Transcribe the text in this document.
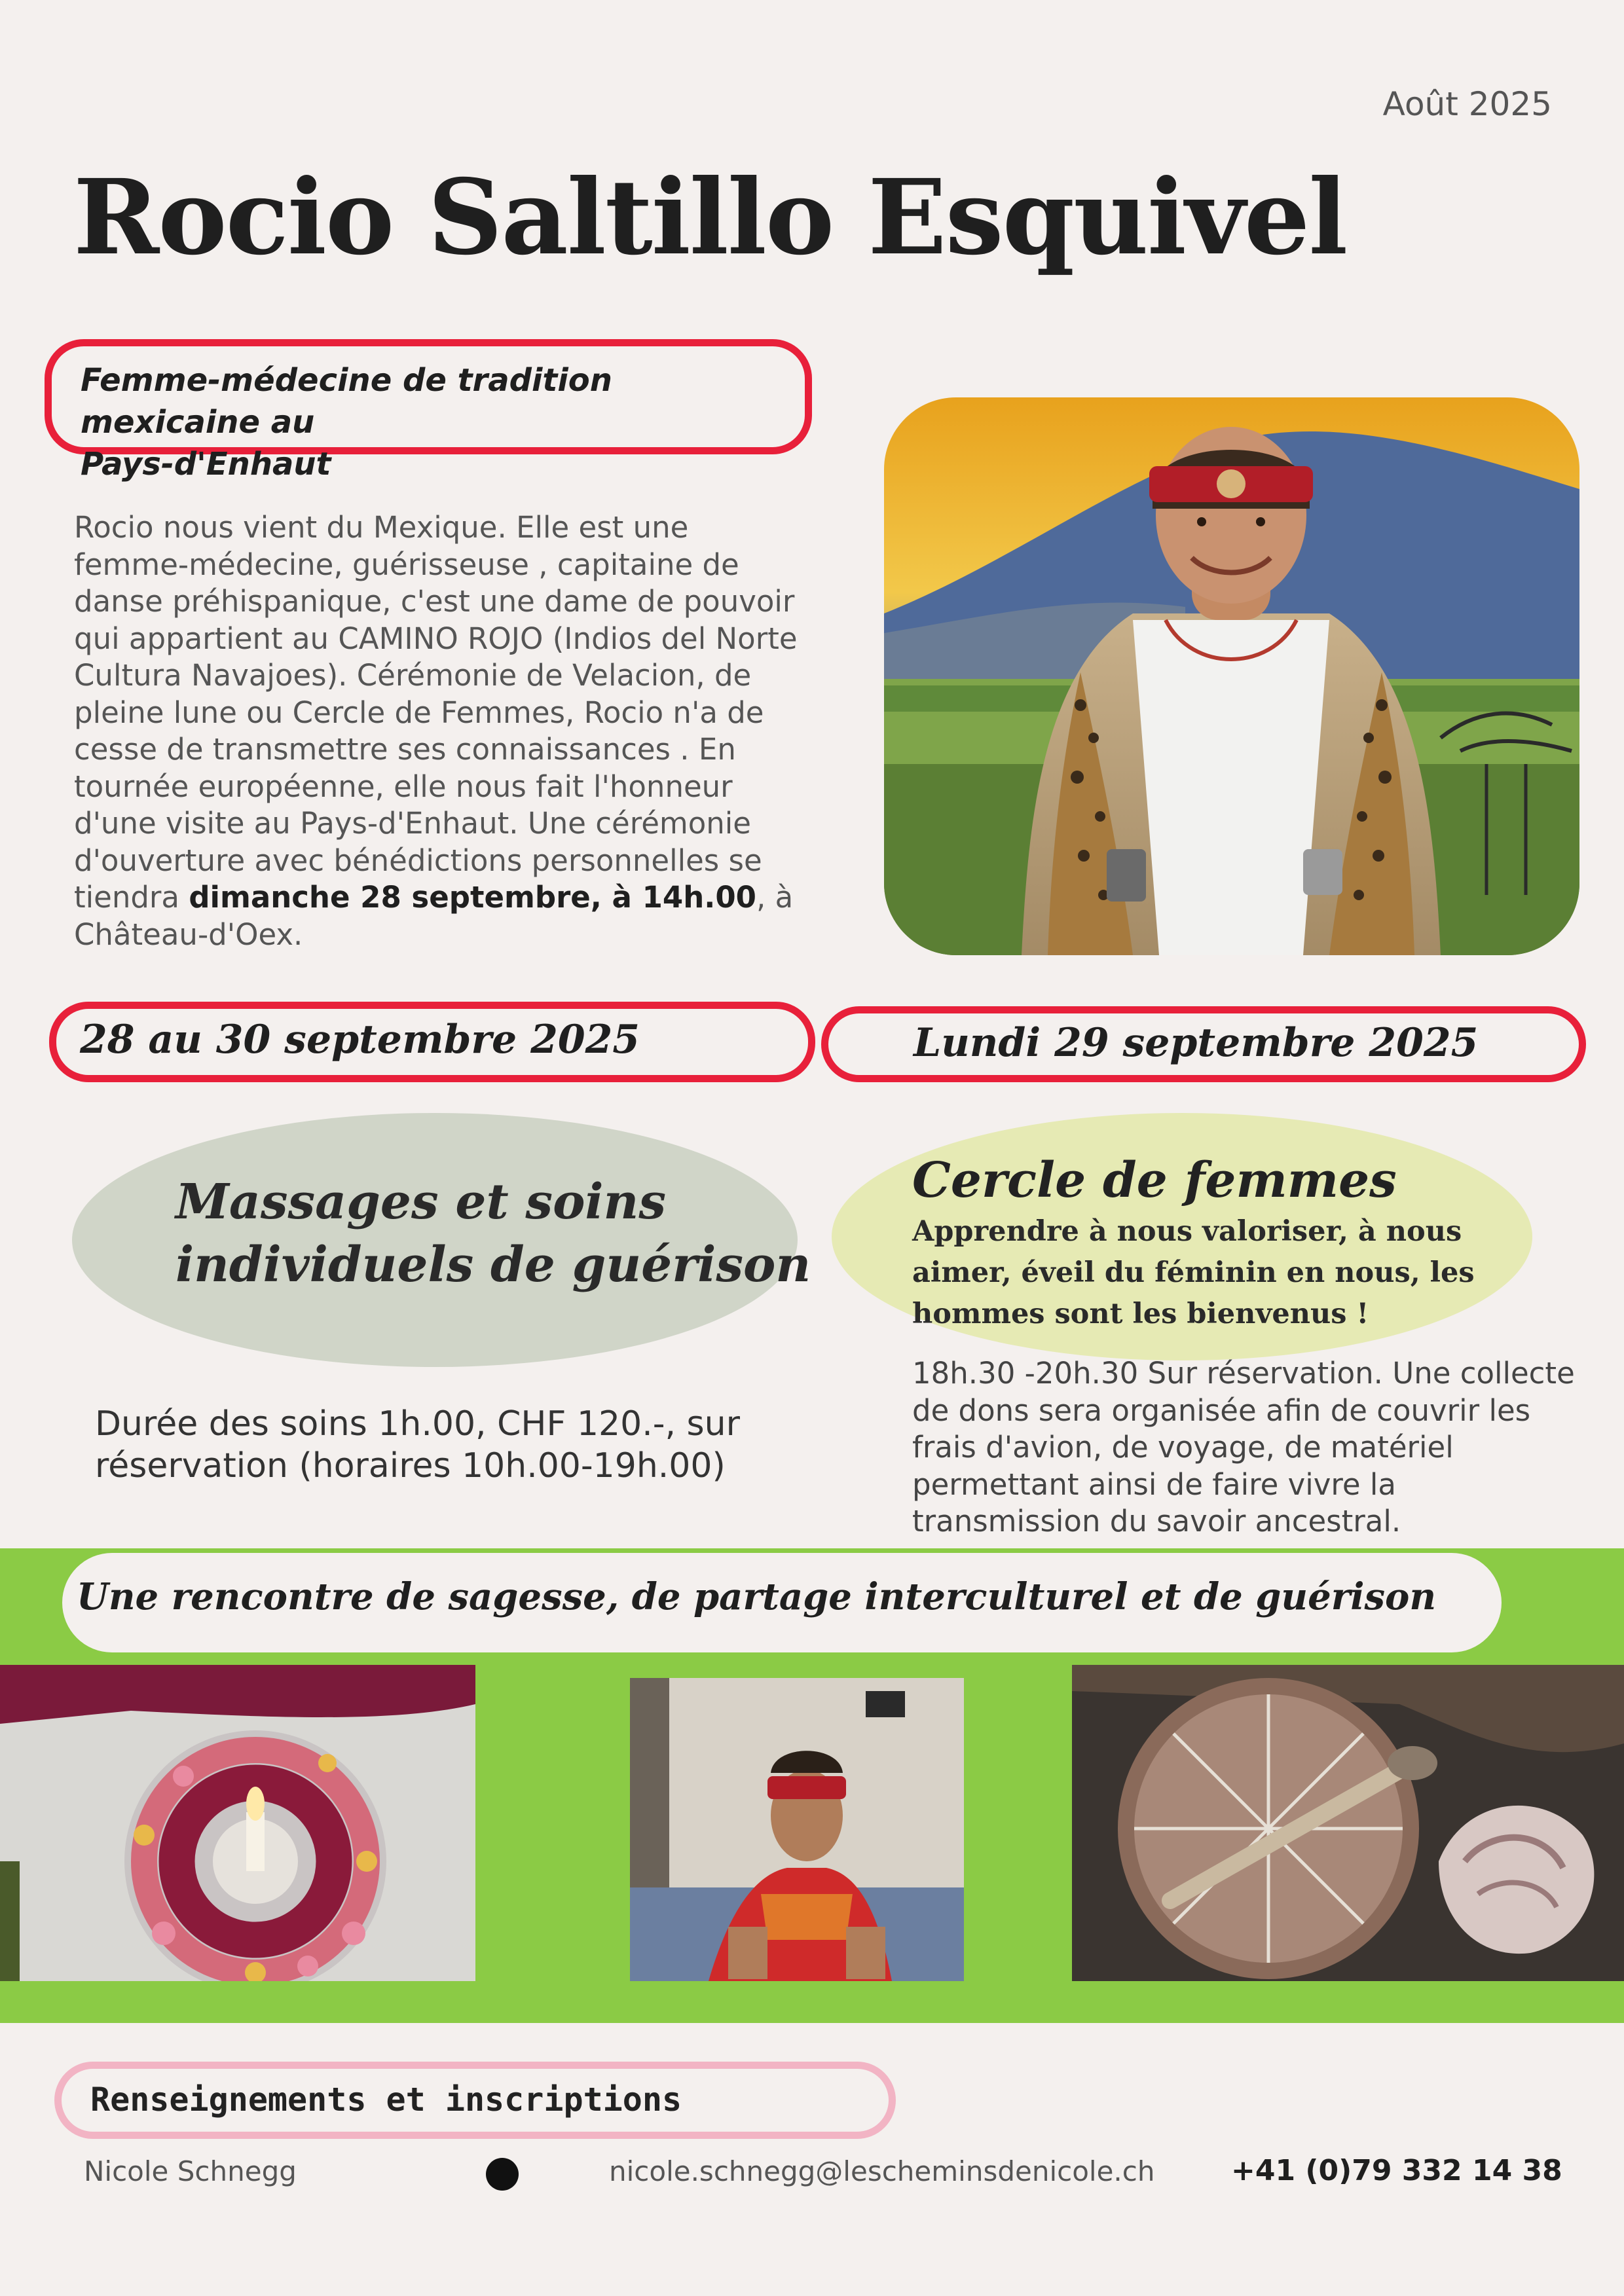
Août 2025
Rocio Saltillo Esquivel
Femme-médecine de tradition mexicaine au
Pays-d'Enhaut
Rocio nous vient du Mexique. Elle est une femme-médecine, guérisseuse , capitaine de danse préhispanique, c'est une dame de pouvoir qui appartient au CAMINO ROJO (Indios del Norte Cultura Navajoes). Cérémonie de Velacion, de pleine lune ou Cercle de Femmes, Rocio n'a de cesse de transmettre ses connaissances . En tournée européenne, elle nous fait l'honneur d'une visite au Pays-d'Enhaut. Une cérémonie d'ouverture avec bénédictions personnelles se tiendra dimanche 28 septembre, à 14h.00, à Château-d'Oex.
28 au 30 septembre 2025	Lundi 29 septembre 2025
Massages et soins
individuels de guérison
Cercle de femmes
Apprendre à nous valoriser, à nous aimer, éveil du féminin en nous, les hommes sont les bienvenus !
Durée des soins 1h.00, CHF 120.-, sur réservation (horaires 10h.00-19h.00)
18h.30 -20h.30 Sur réservation. Une collecte de dons sera organisée afin de couvrir les frais d'avion, de voyage, de matériel permettant ainsi de faire vivre la transmission du savoir ancestral.
Une rencontre de sagesse, de partage interculturel et de guérison
Renseignements et inscriptions
Nicole Schnegg	nicole.schnegg@lescheminsdenicole.ch	+41 (0)79 332 14 38
